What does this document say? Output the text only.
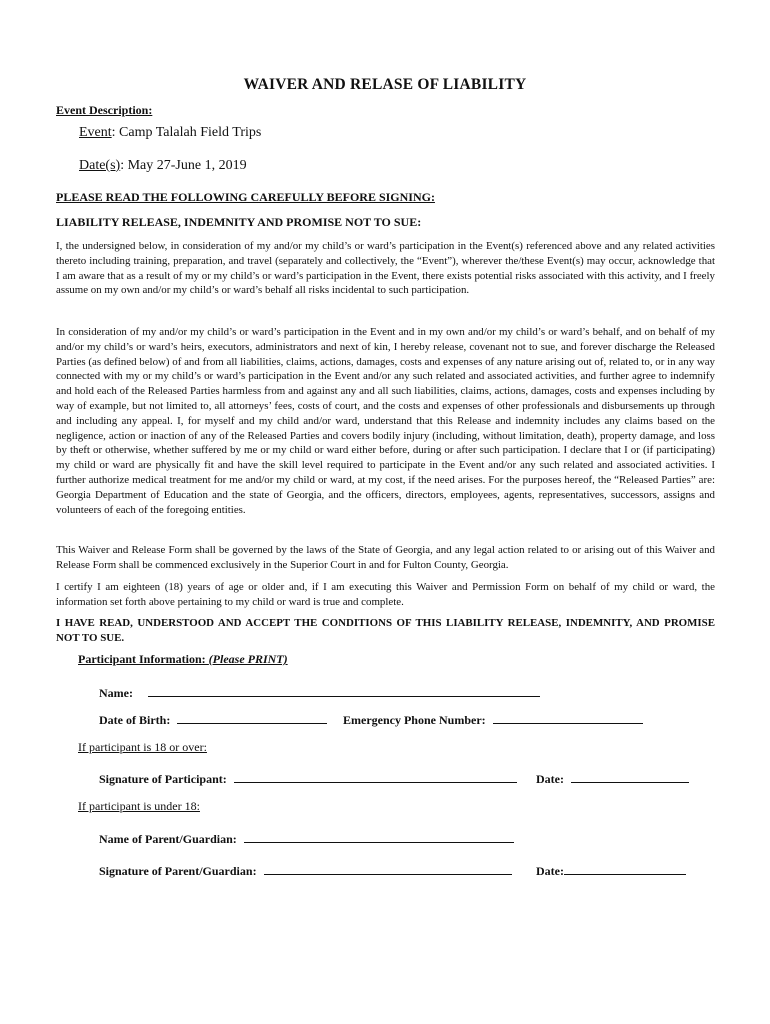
WAIVER AND RELASE OF LIABILITY
Event Description:
Event: Camp Talalah Field Trips
Date(s): May 27-June 1, 2019
PLEASE READ THE FOLLOWING CAREFULLY BEFORE SIGNING:
LIABILITY RELEASE, INDEMNITY AND PROMISE NOT TO SUE:

I, the undersigned below, in consideration of my and/or my child’s or ward’s participation in the Event(s) referenced above and any related activities thereto including training, preparation, and travel (separately and collectively, the “Event”), wherever the/these Event(s) may occur, acknowledge that I am aware that as a result of my or my child’s or ward’s participation in the Event, there exists potential risks associated with this activity, and I freely assume on my own and/or my child’s or ward’s behalf all risks incidental to such participation.

In consideration of my and/or my child’s or ward’s participation in the Event and in my own and/or my child’s or ward’s behalf, and on behalf of my and/or my child’s or ward’s heirs, executors, administrators and next of kin, I hereby release, covenant not to sue, and forever discharge the Released Parties (as defined below) of and from all liabilities, claims, actions, damages, costs and expenses of any nature arising out of, related to, or in any way connected with my or my child’s or ward’s participation in the Event and/or any such related and associated activities, and further agree to indemnify and hold each of the Released Parties harmless from and against any and all such liabilities, claims, actions, damages, costs and expenses including by way of example, but not limited to, all attorneys’ fees, costs of court, and the costs and expenses of other professionals and disbursements up through and including any appeal. I, for myself and my child and/or ward, understand that this Release and indemnity includes any claims based on the negligence, action or inaction of any of the Released Parties and covers bodily injury (including, without limitation, death), property damage, and loss by theft or otherwise, whether suffered by me or my child or ward either before, during or after such participation. I declare that I or (if participating) my child or ward are physically fit and have the skill level required to participate in the Event and/or any such related and associated activities. I further authorize medical treatment for me and/or my child or ward, at my cost, if the need arises. For the purposes hereof, the “Released Parties” are: Georgia Department of Education and the state of Georgia, and the officers, directors, employees, agents, representatives, successors, assigns and volunteers of each of the foregoing entities.

This Waiver and Release Form shall be governed by the laws of the State of Georgia, and any legal action related to or arising out of this Waiver and Release Form shall be commenced exclusively in the Superior Court in and for Fulton County, Georgia.

I certify I am eighteen (18) years of age or older and, if I am executing this Waiver and Permission Form on behalf of my child or ward, the information set forth above pertaining to my child or ward is true and complete.

I HAVE READ, UNDERSTOOD AND ACCEPT THE CONDITIONS OF THIS LIABILITY RELEASE, INDEMNITY, AND PROMISE NOT TO SUE.

Participant Information: (Please PRINT)
Name:
Date of Birth:	Emergency Phone Number:
If participant is 18 or over:
Signature of Participant:	Date:
If participant is under 18:
Name of Parent/Guardian:
Signature of Parent/Guardian:	Date:
